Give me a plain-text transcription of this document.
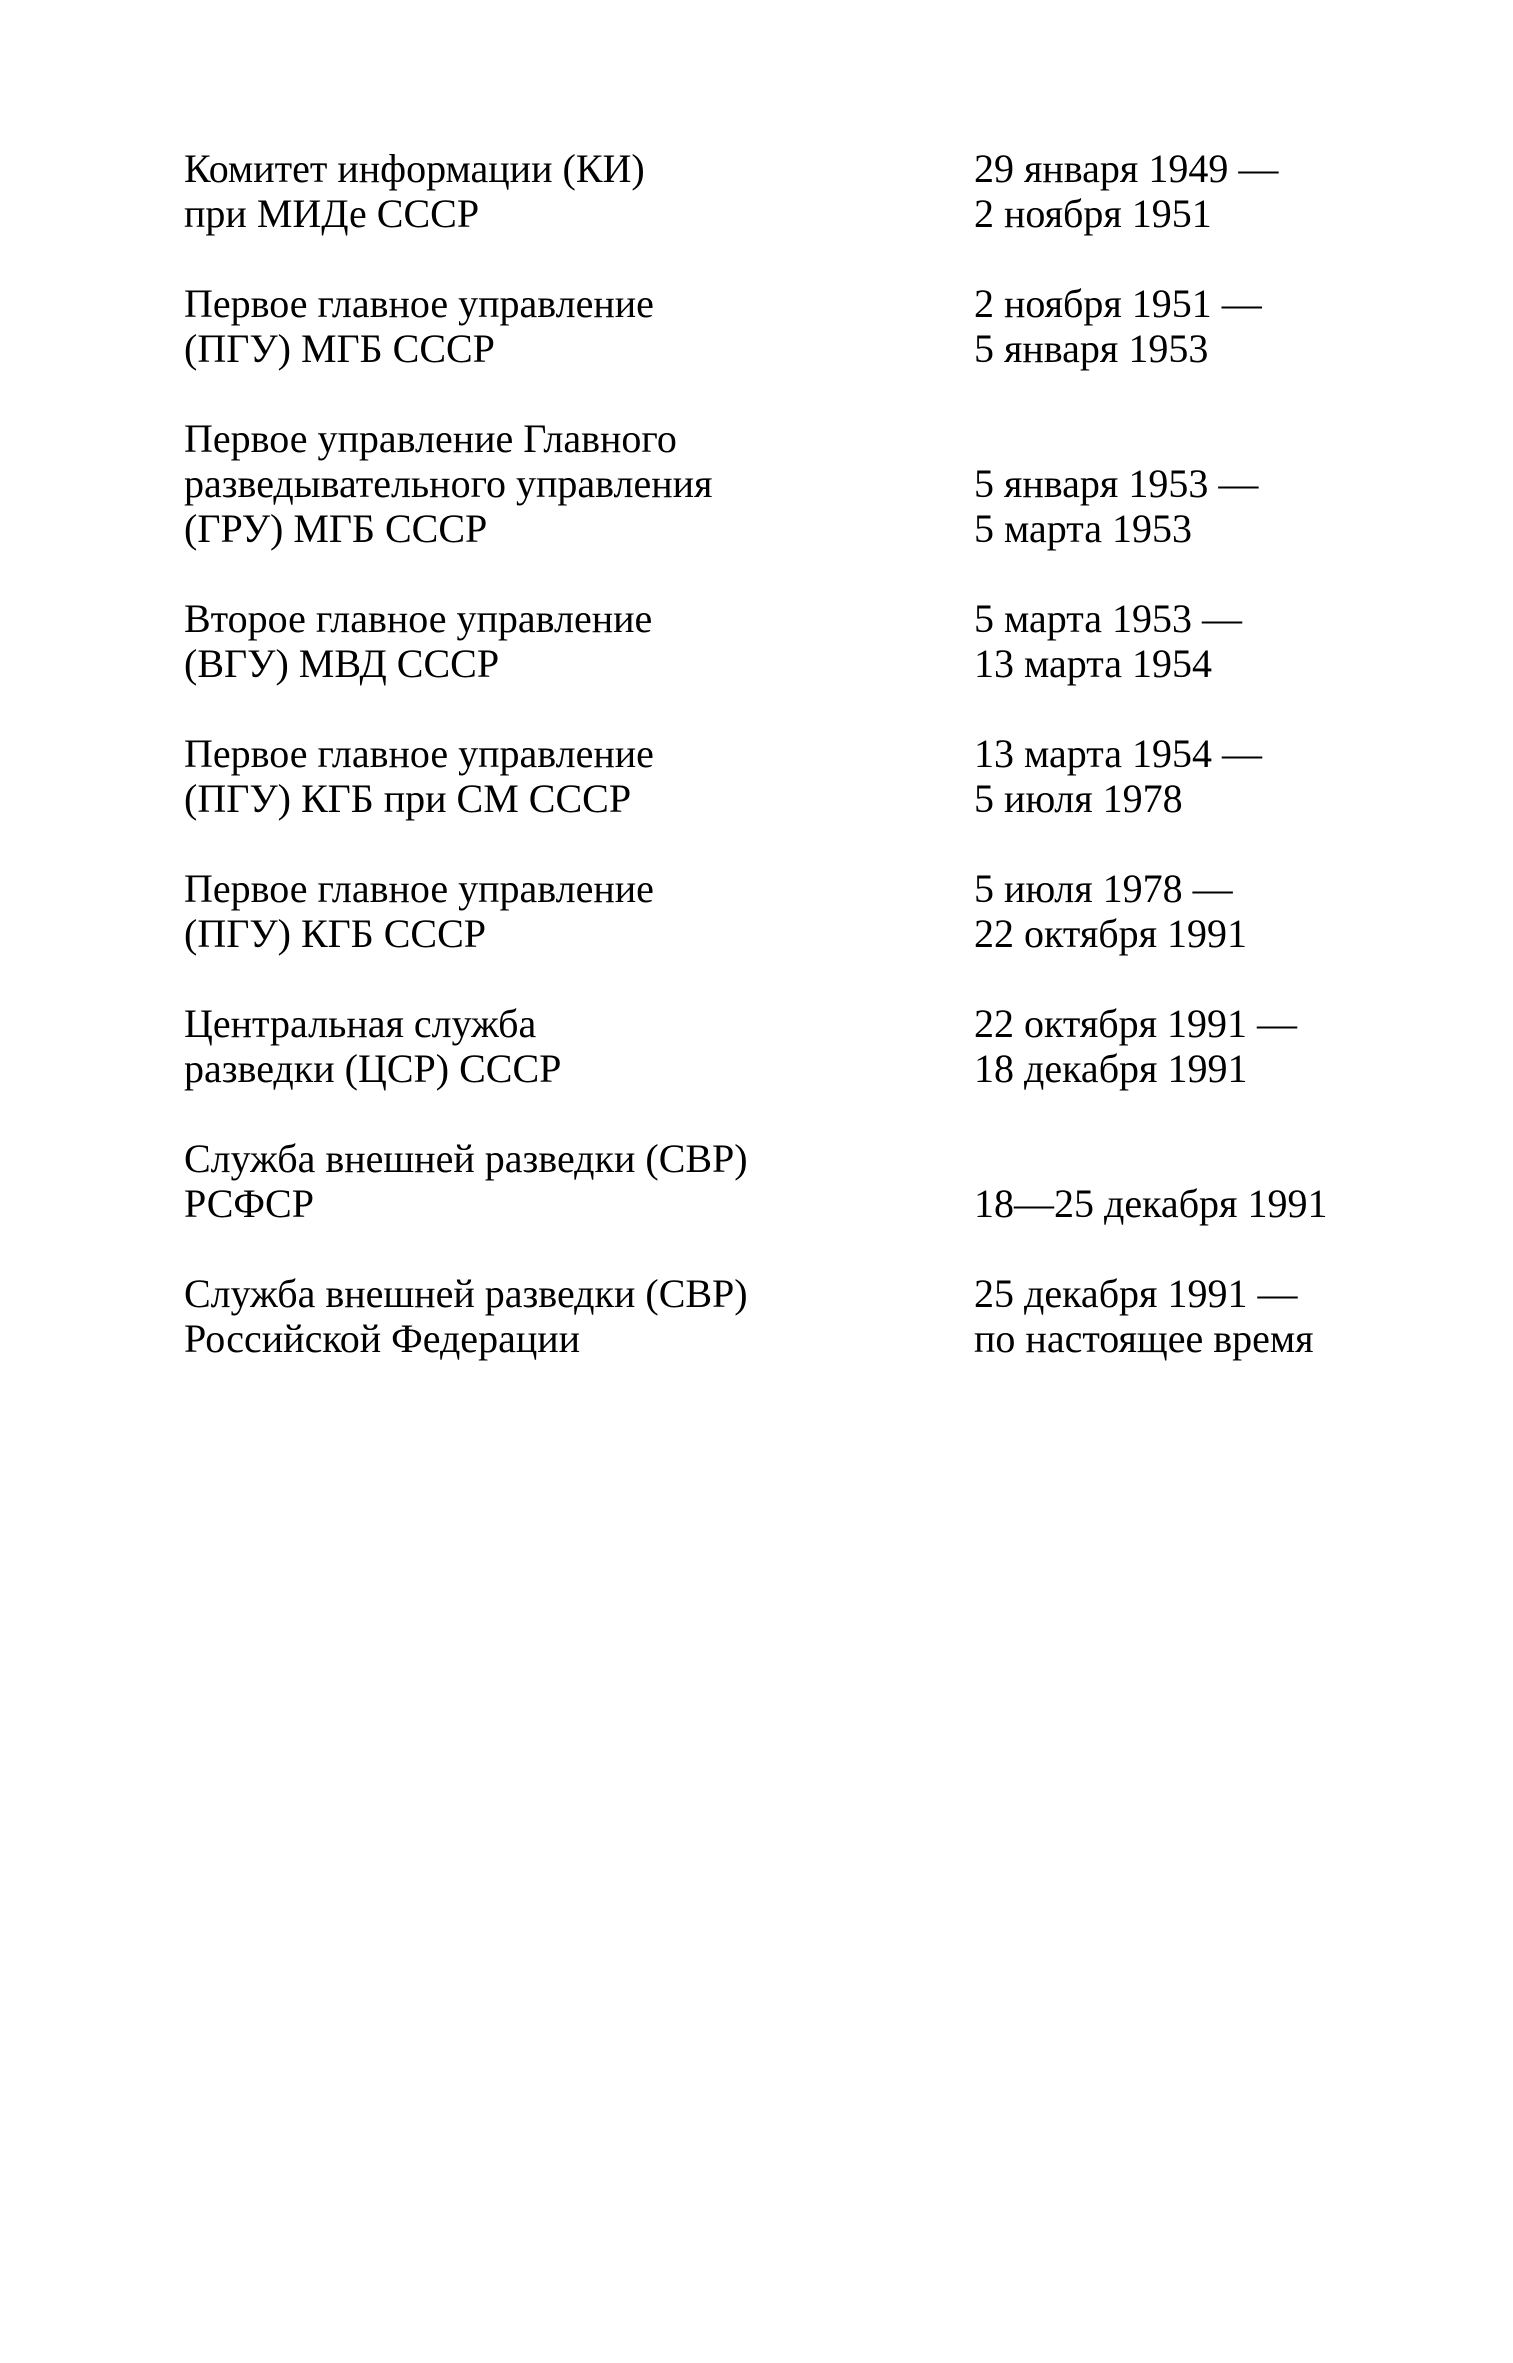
Комитет информации (КИ)
при МИДе СССР
29 января 1949 —
2 ноября 1951
Первое главное управление
(ПГУ) МГБ СССР
2 ноября 1951 —
5 января 1953
Первое управление Главного
разведывательного управления
(ГРУ) МГБ СССР
5 января 1953 —
5 марта 1953
Второе главное управление
(ВГУ) МВД СССР
5 марта 1953 —
13 марта 1954
Первое главное управление
(ПГУ) КГБ при СМ СССР
13 марта 1954 —
5 июля 1978
Первое главное управление
(ПГУ) КГБ СССР
5 июля 1978 —
22 октября 1991
Центральная служба
разведки (ЦСР) СССР
22 октября 1991 —
18 декабря 1991
Служба внешней разведки (СВР)
РСФСР	18—25 декабря 1991
Служба внешней разведки (СВР)
Российской Федерации
25 декабря 1991 —
по настоящее время
